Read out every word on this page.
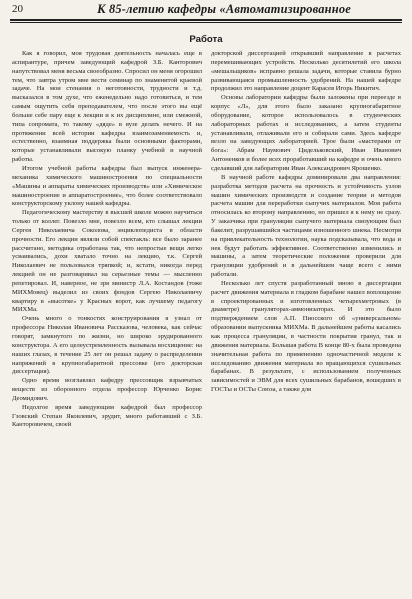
20	К 85-летию кафедры «Автоматизированное
Работа

Как я говорил, моя трудовая деятельность началась еще в аспирантуре, причем заведующий кафедрой З.Б. Канторович напутствовал меня весьма своеобразно. Спросил он меня огорошил тем, что завтра утром мне вести семинар по знаменитой краевой задаче. На мои стенания о неготовности, трудности и т.д. высказался в том духе, что еженедельно надо готовиться, и тем самым ощутить себя преподавателем, что после этого вы ещё больше себе пару еще к лекции и к их дисциплине, или смежной, типа сопромата, то такому «дяде» в вузе делать нечего. И на протяжении всей истории кафедры взаимозаменяемость и, естественно, взаимная поддержка были основными факторами, которые устанавливали высокую планку учебной и научной работы.

Итогом учебной работы кафедры был выпуск инженера-механика химического машиностроения по специальности «Машины и аппараты химических производств» или «Химическое машиностроение и аппаратостроение», что более соответствовало конструкторскому уклону нашей кафедры.

Педагогическому мастерству в высшей школе можно научиться только от коллег. Повезло мне, повезло всем, кто слышал лекции Сергея Николаевича Соколова, энциклопедиста в области прочности. Его лекции являли собой спектакль: все было заранее рассчитано, методика отработана так, что непростые вещи легко усваивались, дохи хватало точно на лекцию, т.к. Сергей Николаевич не пользовался тряпкой; и, кстати, никогда перед лекцией он не разговаривал на серьезные темы — мысленно репетировал. И, наверное, не зря министр Л.А. Костандов (тоже МИХМовец) выделил из своих фондов Сергею Николаевичу квартиру в «высотке» у Красных ворот, как лучшему педагогу МИХМа.

Очень много о тонкостях конструирования я узнал от профессора Николая Ивановича Рассказова, человека, как сейчас говорят, замкнутого по жизни, но широко эрудированного конструктора. А его целеустремленность вызывала восхищение: на наших глазах, в течение 25 лет он решал задачу о распределении напряжений в крупногабаритной прессовке (его докторская диссертация).

Одно время возглавлял кафедру прессовщик взрывчатых веществ из оборонного отдела профессор Юрченко Борис Деомидович.

Недолгое время заведующим кафедрой был профессор Гзовский Степан Яковлевич, эрудит, много работавший с З.Б. Канторовичем, своей

докторской диссертацией открывший направление в расчетах перемешивающих устройств. Несколько десятилетий его школа «мешальщиков» исправно решала задачи, которые ставила бурно развивающаяся промышленность удобрений. На нашей кафедре продолжил это направление доцент Карасев Игорь Никитич.

Основы лаборатории кафедры были заложены при переезде в корпус «Л», для этого было заказано крупногабаритное оборудование, которое использовалось в студенческих лабораторных работах и исследованиях, а затем студенты устанавливали, отлаживали его и собирали сами. Здесь кафедре везло на заведующих лабораторией. Трое были «мастерами от бога»: Абрам Наумович Цидельковский, Иван Иванович Антоненков и более всех проработавший на кафедре и очень много сделавший для лаборатории Иван Александрович Ярошенко.

В научной работе кафедры доминировали два направления: разработка методов расчета на прочность и устойчивость узлов машин химических производств и создание теории и методов расчета машин для переработки сыпучих материалов. Моя работа относилась ко второму направлению, но пришел я к нему не сразу. У заказчика при грануляции сыпучего материала связующим был бакелит, разрушавшийся частицами изношенного шнека. Несмотря на привлекательность технологии, наука подсказывала, что вода и нек будут работать эффективнее. Соответственно изменились и машины, а затем теоретические положения проверили для грануляции удобрений и в дальнейшем чаще всего с ними работали.

Несколько лет спустя разработанный мною в диссертации расчет движения материала в гладком барабане нашел воплощение в спроектированных и изготовленных четырехметровых (в диаметре) грануляторах-аммонизаторах. И это было подтверждением слов А.П. Пиосского об «универсальном» образовании выпускника МИХМа. В дальнейшем работы касались как процесса грануляции, в частности покрытия гранул, так и движения материала. Большая работа В конце 80-х была проведена значительная работа по применению одночастичной модели к исследованию движения материала во вращающихся сушильных барабанах. В результате, с использованием полученных зависимостей и ЭВМ для всех сушильных барабанов, вошедших в ГОСТы и ОСТы Союза, а также для
